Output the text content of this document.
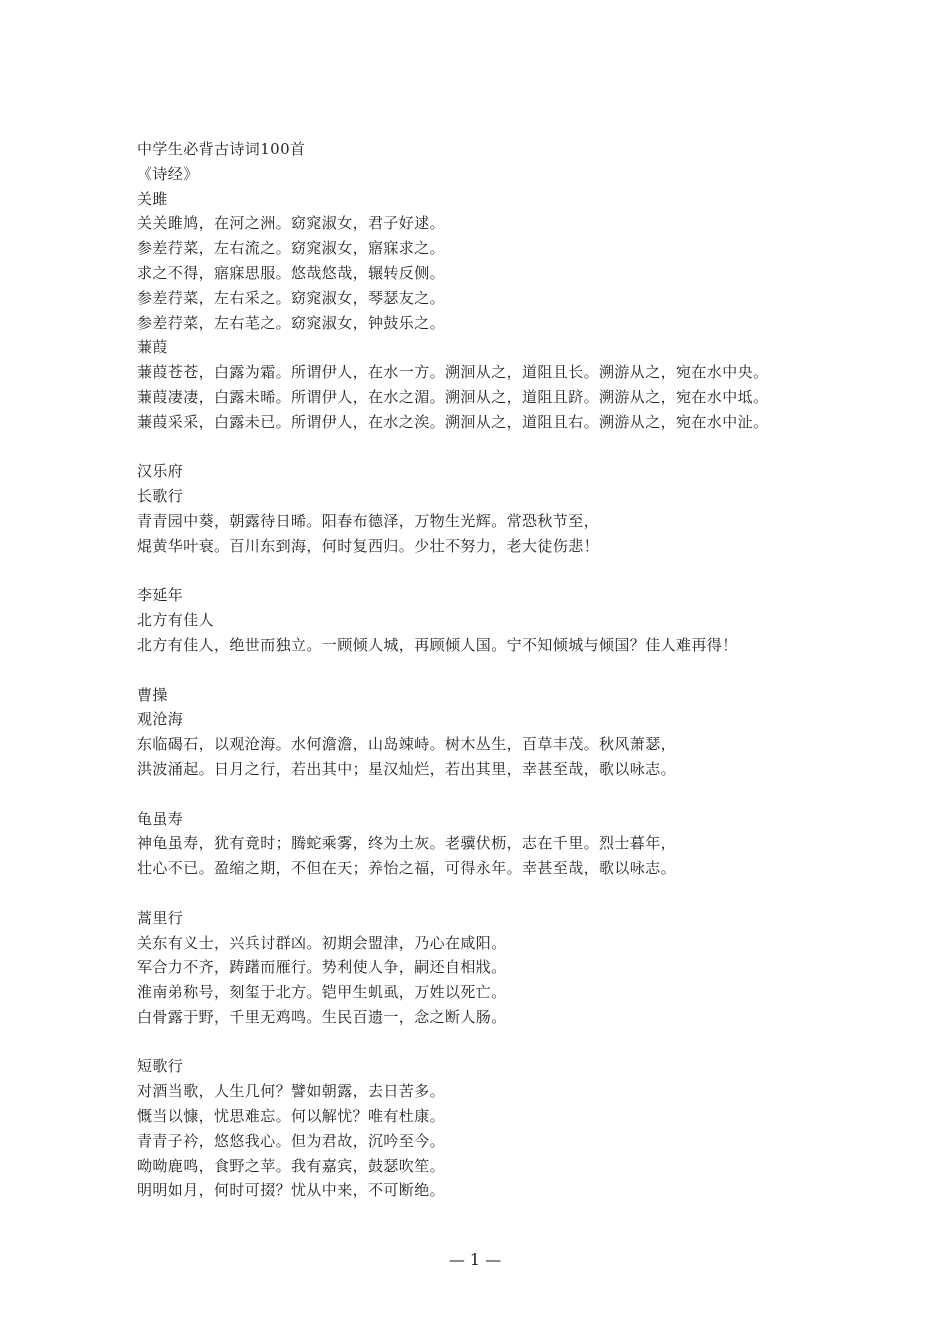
中学生必背古诗词100首
《诗经》
关雎
关关雎鸠，在河之洲。窈窕淑女，君子好逑。
参差荇菜，左右流之。窈窕淑女，寤寐求之。
求之不得，寤寐思服。悠哉悠哉，辗转反侧。
参差荇菜，左右采之。窈窕淑女，琴瑟友之。
参差荇菜，左右芼之。窈窕淑女，钟鼓乐之。
蒹葭
蒹葭苍苍，白露为霜。所谓伊人，在水一方。溯洄从之，道阻且长。溯游从之，宛在水中央。
蒹葭凄凄，白露未晞。所谓伊人，在水之湄。溯洄从之，道阻且跻。溯游从之，宛在水中坻。
蒹葭采采，白露未已。所谓伊人，在水之涘。溯洄从之，道阻且右。溯游从之，宛在水中沚。
汉乐府
长歌行
青青园中葵，朝露待日晞。阳春布德泽，万物生光辉。常恐秋节至，
焜黄华叶衰。百川东到海，何时复西归。少壮不努力，老大徒伤悲！
李延年
北方有佳人
北方有佳人，绝世而独立。一顾倾人城，再顾倾人国。宁不知倾城与倾国？佳人难再得！
曹操
观沧海
东临碣石，以观沧海。水何澹澹，山岛竦峙。树木丛生，百草丰茂。秋风萧瑟，
洪波涌起。日月之行，若出其中；星汉灿烂，若出其里，幸甚至哉，歌以咏志。
龟虽寿
神龟虽寿，犹有竟时；腾蛇乘雾，终为土灰。老骥伏枥，志在千里。烈士暮年，
壮心不已。盈缩之期，不但在天；养怡之福，可得永年。幸甚至哉，歌以咏志。
蒿里行
关东有义士，兴兵讨群凶。初期会盟津，乃心在咸阳。
军合力不齐，踌躇而雁行。势利使人争，嗣还自相戕。
淮南弟称号，刻玺于北方。铠甲生虮虱，万姓以死亡。
白骨露于野，千里无鸡鸣。生民百遗一，念之断人肠。
短歌行
对酒当歌，人生几何？譬如朝露，去日苦多。
慨当以慷，忧思难忘。何以解忧？唯有杜康。
青青子衿，悠悠我心。但为君故，沉吟至今。
呦呦鹿鸣，食野之苹。我有嘉宾，鼓瑟吹笙。
明明如月，何时可掇？忧从中来，不可断绝。
— 1 —
